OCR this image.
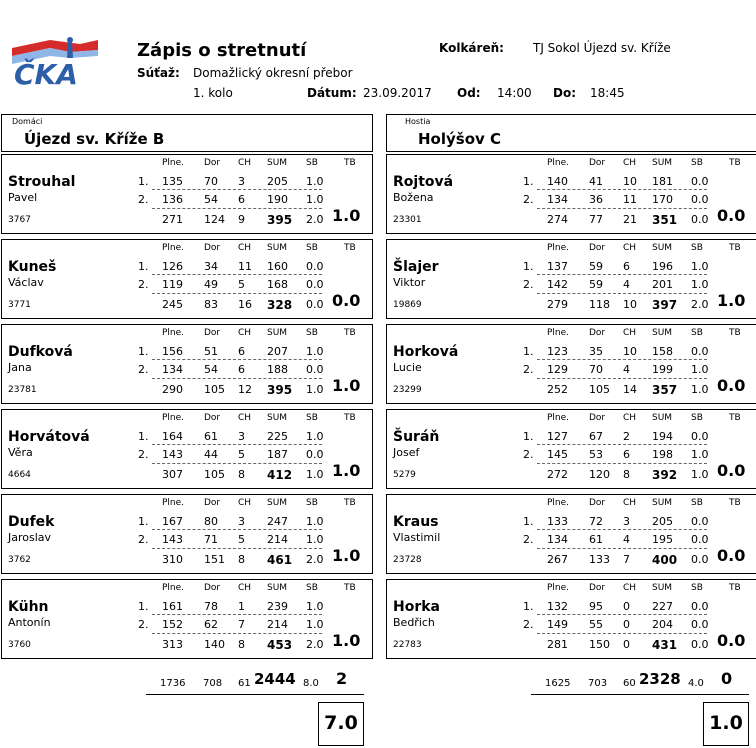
ČKA
Zápis o stretnutí
Súťaž: Domažlický okresní přebor
1. kolo	Dátum: 23.09.2017 Od: 14:00 Do: 18:45
Kolkáreň: TJ Sokol Újezd sv. Kříže
Domáci
Újezd sv. Kříže B
Hostia
Holýšov C
Plne. Dor CH SUM SB	TB
Strouhal
Pavel
3767
1.
2.
135 70 3 205 1.0
136 54 6 190 1.0
271 124 9 395 2.0 1.0
Plne. Dor CH SUM SB	TB
Kuneš
Václav
3771
1.
2.
126 34 11 160 0.0
119 49 5 168 0.0
245 83 16 328 0.0 0.0
Plne. Dor CH SUM SB	TB
Dufková
Jana
23781
1.
2.
156 51 6 207 1.0
134 54 6 188 0.0
290 105 12 395 1.0 1.0
Plne. Dor CH SUM SB	TB
Horvátová
Věra
4664
1.
2.
164 61 3 225 1.0
143 44 5 187 0.0
307 105 8 412 1.0 1.0
Plne. Dor CH SUM SB	TB
Dufek
Jaroslav
3762
1.
2.
167 80 3 247 1.0
143 71 5 214 1.0
310 151 8 461 2.0 1.0
Plne. Dor CH SUM SB	TB
Kühn
Antonín
3760
1.
2.
161 78 1 239 1.0
152 62 7 214 1.0
313 140 8 453 2.0 1.0
Plne. Dor CH SUM SB	TB
Rojtová
Božena
23301
1.
2.
140 41 10 181 0.0
134 36 11 170 0.0
274 77 21 351 0.0 0.0
Plne. Dor CH SUM SB	TB
Šlajer
Viktor
19869
1.
2.
137 59 6 196 1.0
142 59 4 201 1.0
279 118 10 397 2.0 1.0
Plne. Dor CH SUM SB	TB
Horková
Lucie
23299
1.
2.
123 35 10 158 0.0
129 70 4 199 1.0
252 105 14 357 1.0 0.0
Plne. Dor CH SUM SB	TB
Šuráň
Josef
5279
1.
2.
127 67 2 194 0.0
145 53 6 198 1.0
272 120 8 392 1.0 0.0
Plne. Dor CH SUM SB	TB
Kraus
Vlastimil
23728
1.
2.
133 72 3 205 0.0
134 61 4 195 0.0
267 133 7 400 0.0 0.0
Plne. Dor CH SUM SB	TB
Horka
Bedřich
22783
1.
2.
132 95 0 227 0.0
149 55 0 204 0.0
281 150 0 431 0.0 0.0
1736 708 61 2444 8.0 2	1625 703 60 2328 4.0 0
7.0	1.0
